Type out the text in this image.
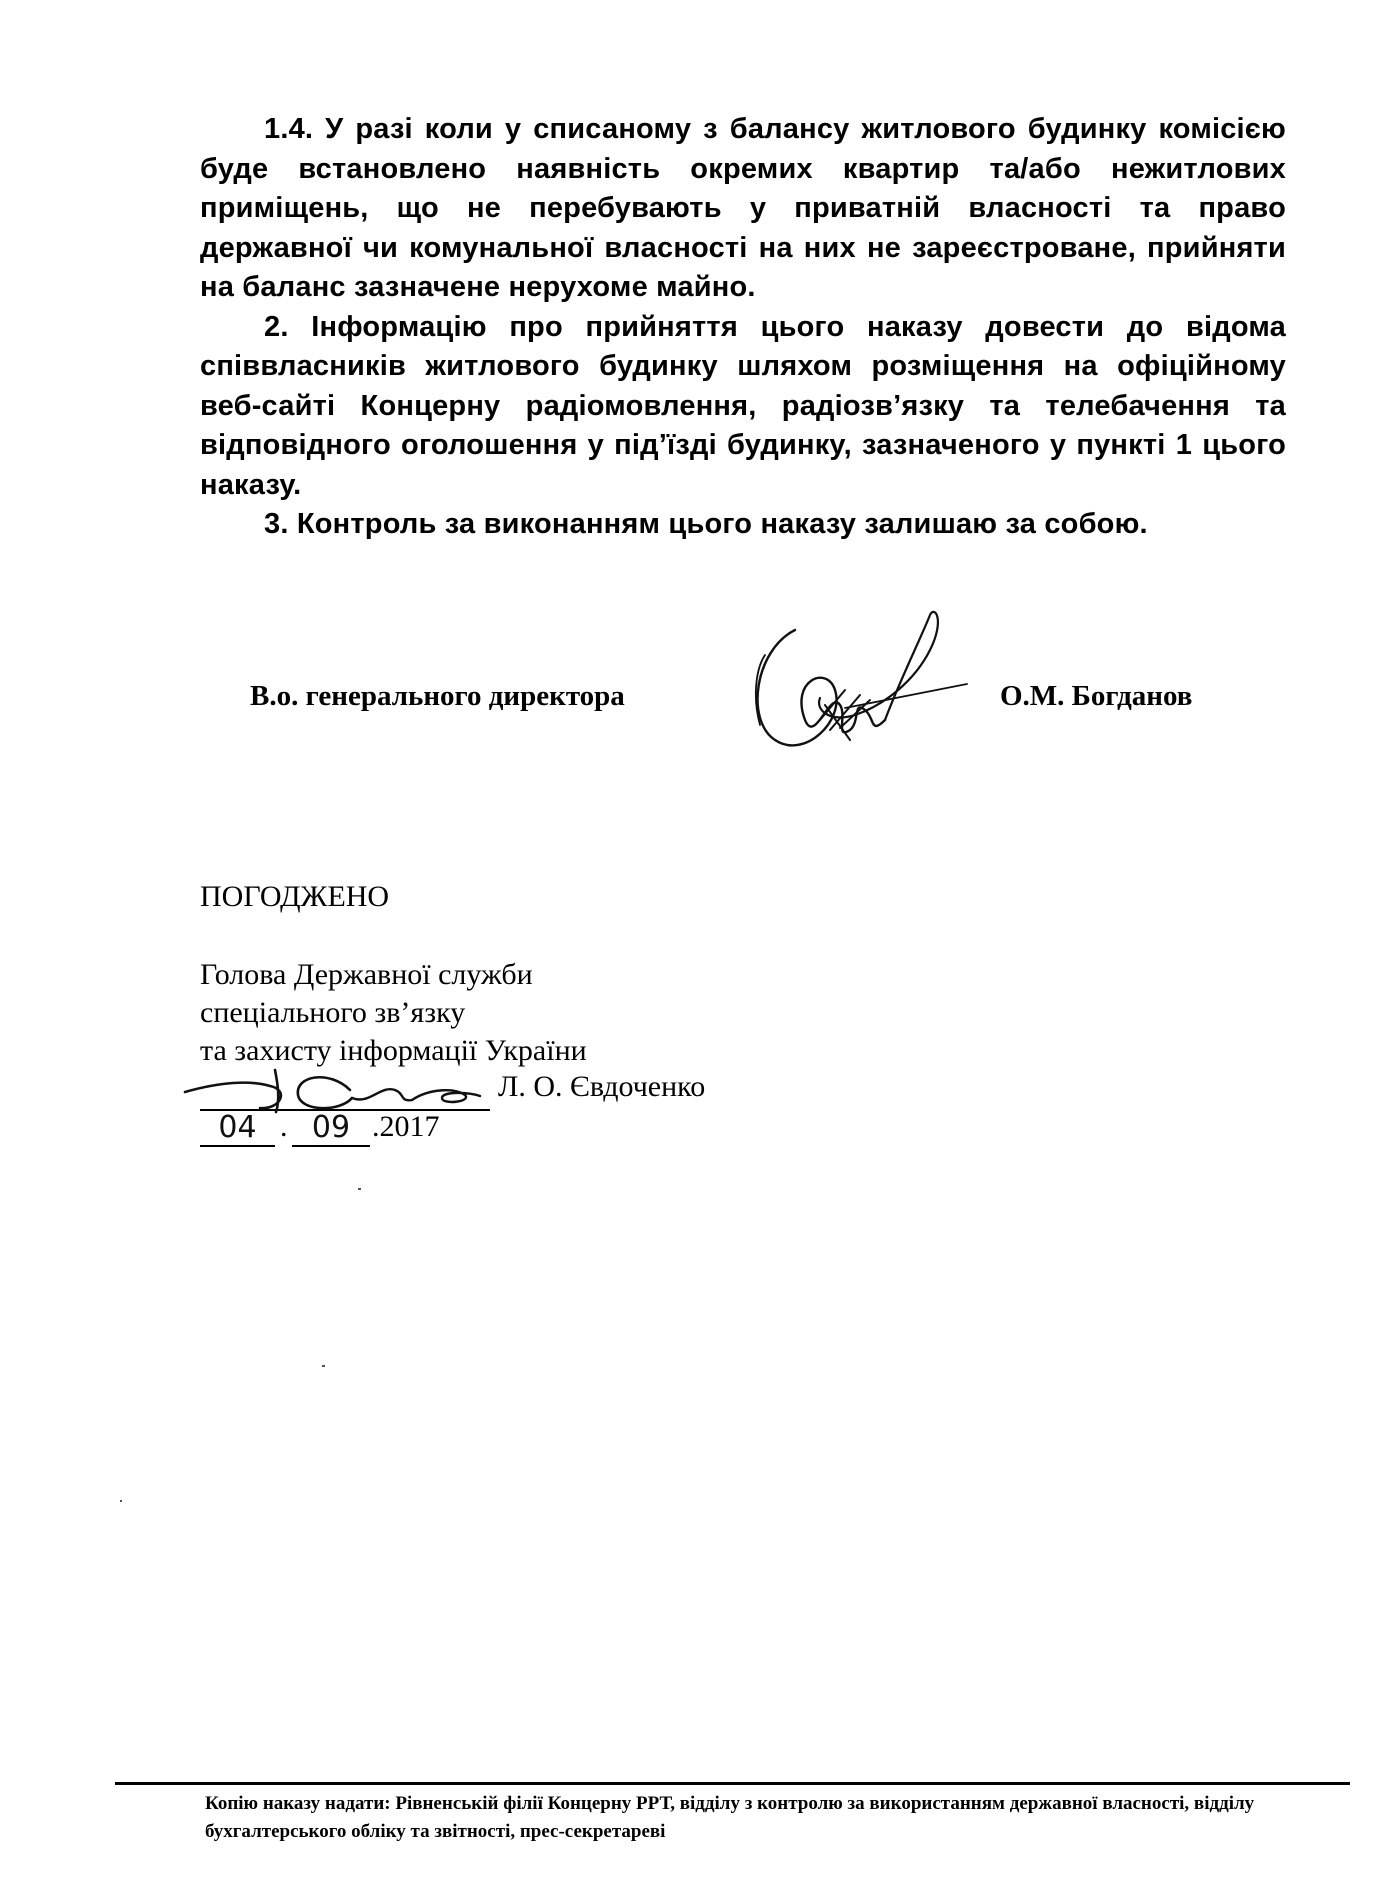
1.4. У разі коли у списаному з балансу житлового будинку комісією буде встановлено наявність окремих квартир та/або нежитлових приміщень, що не перебувають у приватній власності та право державної чи комунальної власності на них не зареєстроване, прийняти на баланс зазначене нерухоме майно.

2. Інформацію про прийняття цього наказу довести до відома співвласників житлового будинку шляхом розміщення на офіційному веб-сайті Концерну радіомовлення, радіозв’язку та телебачення та відповідного оголошення у під’їзді будинку, зазначеного у пункті 1 цього наказу.

3. Контроль за виконанням цього наказу залишаю за собою.

В.о. генерального директора	О.М. Богданов
ПОГОДЖЕНО
Голова Державної служби
спеціального зв’язку
та захисту інформації України
Л. О. Євдоченко
04 . 09 .2017
Копію наказу надати: Рівненській філії Концерну РРТ, відділу з контролю за використанням державної власності, відділу бухгалтерського обліку та звітності, прес-секретареві
